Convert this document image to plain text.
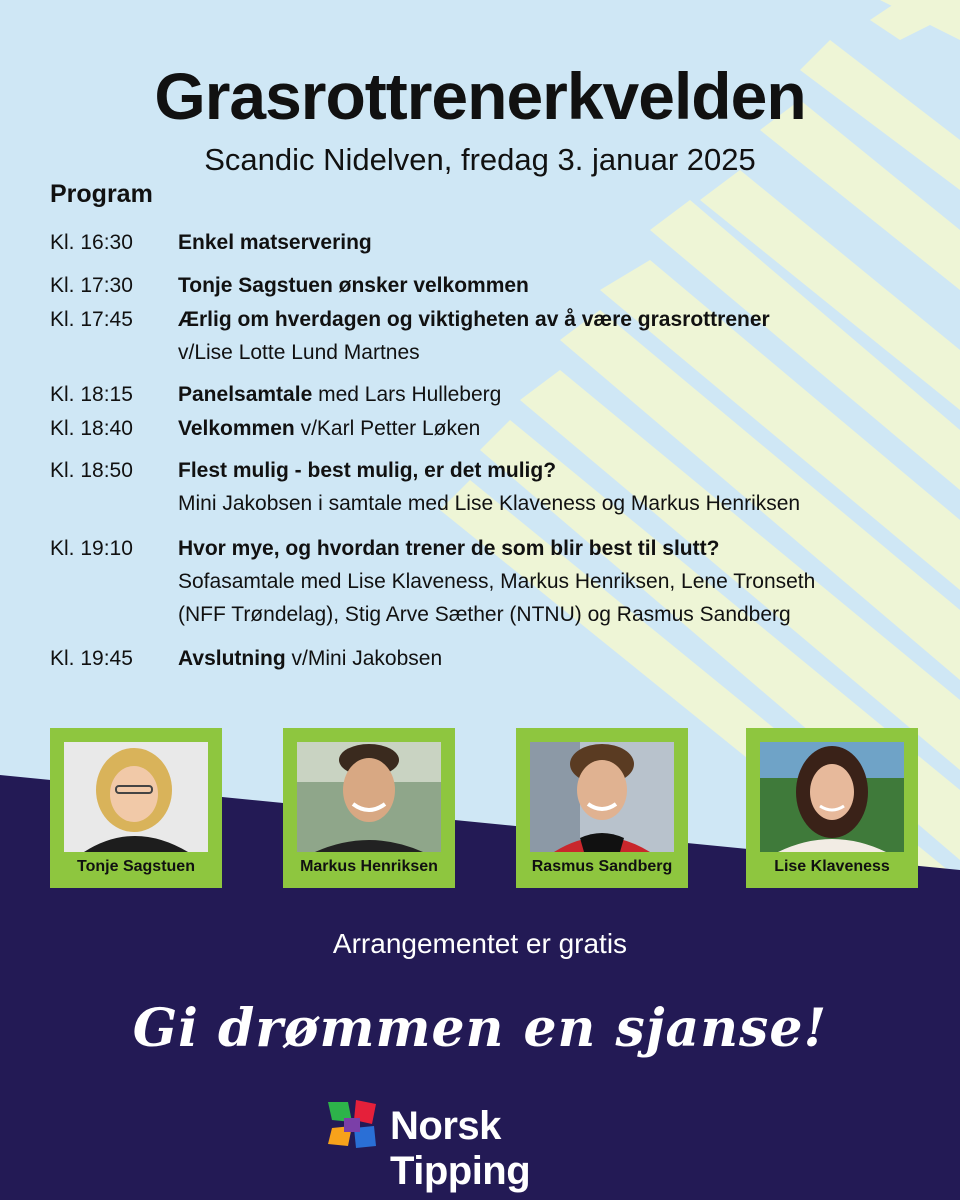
Grasrottrenerkvelden
Scandic Nidelven, fredag 3. januar 2025
Program
Kl. 16:30	Enkel matservering
Kl. 17:30	Tonje Sagstuen ønsker velkommen
Kl. 17:45	Ærlig om hverdagen og viktigheten av å være grasrottrener
v/Lise Lotte Lund Martnes
Kl. 18:15	Panelsamtale med Lars Hulleberg
Kl. 18:40	Velkommen v/Karl Petter Løken
Kl. 18:50	Flest mulig - best mulig, er det mulig?
Mini Jakobsen i samtale med Lise Klaveness og Markus Henriksen
Kl. 19:10	Hvor mye, og hvordan trener de som blir best til slutt?
Sofasamtale med Lise Klaveness, Markus Henriksen, Lene Tronseth
(NFF Trøndelag), Stig Arve Sæther (NTNU) og Rasmus Sandberg
Kl. 19:45	Avslutning v/Mini Jakobsen
Tonje Sagstuen	Markus Henriksen	Rasmus Sandberg	Lise Klaveness
Arrangementet er gratis
Gi drømmen en sjanse!
Norsk Tipping
